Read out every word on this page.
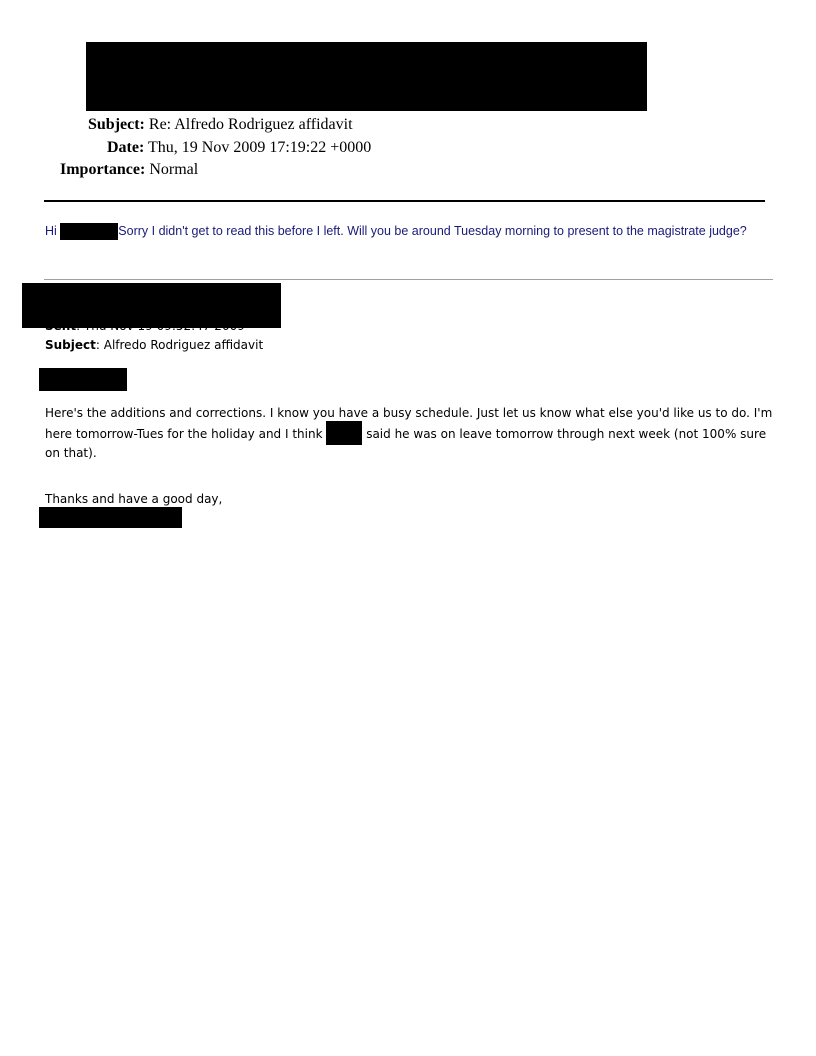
Subject: Re: Alfredo Rodriguez affidavit
Date: Thu, 19 Nov 2009 17:19:22 +0000
Importance: Normal
Hi	Sorry I didn't get to read this before I left. Will you be around Tuesday morning to present to the magistrate judge?
Subject: Alfredo Rodriguez affidavit
Here's the additions and corrections. I know you have a busy schedule. Just let us know what else you'd like us to do. I'm here tomorrow-Tues for the holiday and I think	said he was on leave tomorrow through next week (not 100% sure on that).
Thanks and have a good day,
